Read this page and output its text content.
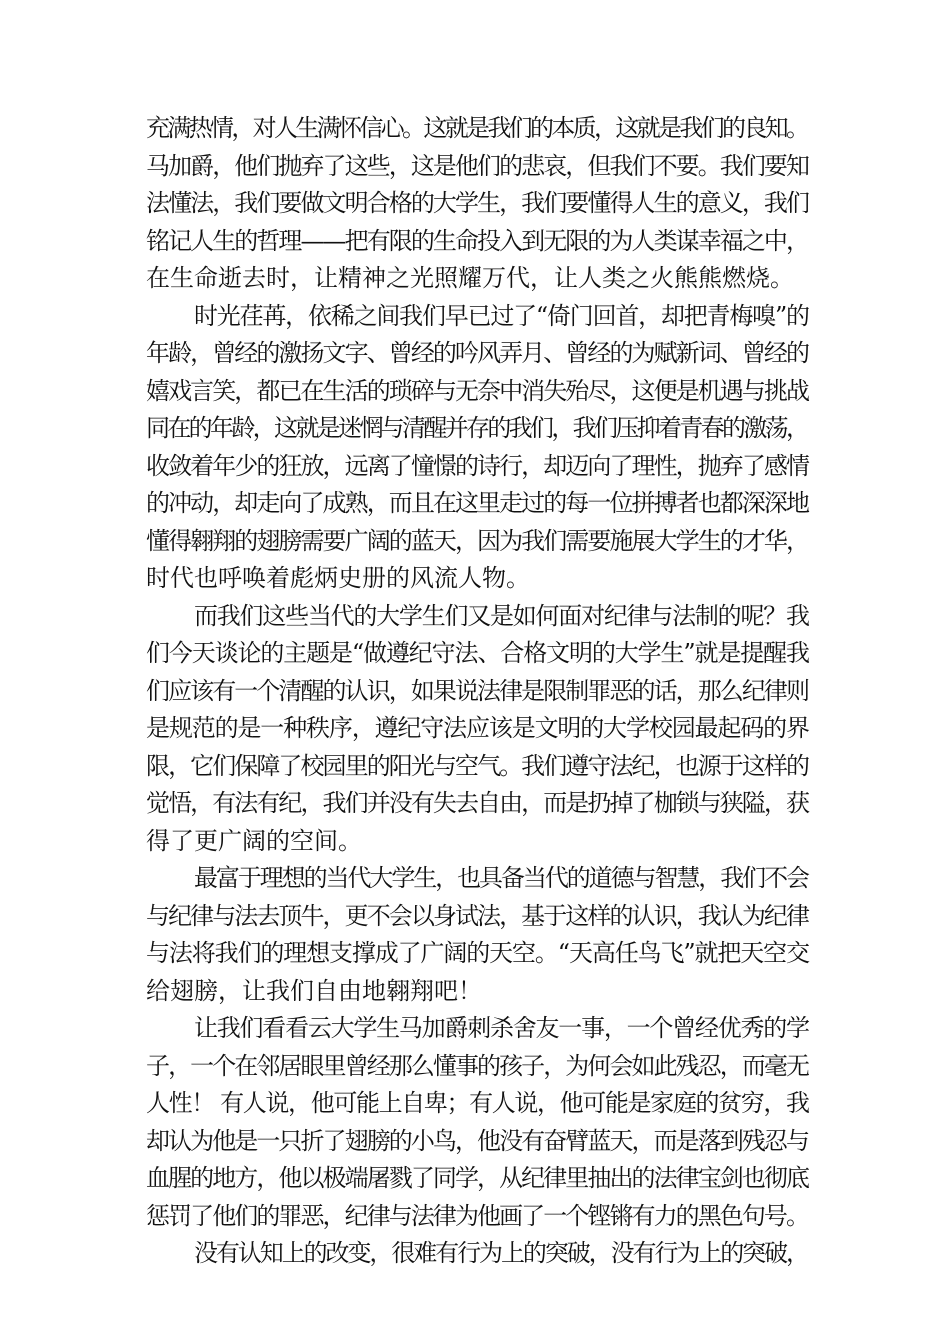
充满热情，对人生满怀信心。这就是我们的本质，这就是我们的良知。
马加爵，他们抛弃了这些，这是他们的悲哀，但我们不要。我们要知
法懂法，我们要做文明合格的大学生，我们要懂得人生的意义，我们
铭记人生的哲理——把有限的生命投入到无限的为人类谋幸福之中，
在生命逝去时，让精神之光照耀万代，让人类之火熊熊燃烧。
时光荏苒，依稀之间我们早已过了“倚门回首，却把青梅嗅”的
年龄，曾经的激扬文字、曾经的吟风弄月、曾经的为赋新词、曾经的
嬉戏言笑，都已在生活的琐碎与无奈中消失殆尽，这便是机遇与挑战
同在的年龄，这就是迷惘与清醒并存的我们，我们压抑着青春的激荡，
收敛着年少的狂放，远离了憧憬的诗行，却迈向了理性，抛弃了感情
的冲动，却走向了成熟，而且在这里走过的每一位拼搏者也都深深地
懂得翱翔的翅膀需要广阔的蓝天，因为我们需要施展大学生的才华，
时代也呼唤着彪炳史册的风流人物。
而我们这些当代的大学生们又是如何面对纪律与法制的呢？我
们今天谈论的主题是“做遵纪守法、合格文明的大学生”就是提醒我
们应该有一个清醒的认识，如果说法律是限制罪恶的话，那么纪律则
是规范的是一种秩序，遵纪守法应该是文明的大学校园最起码的界
限，它们保障了校园里的阳光与空气。我们遵守法纪，也源于这样的
觉悟，有法有纪，我们并没有失去自由，而是扔掉了枷锁与狭隘，获
得了更广阔的空间。
最富于理想的当代大学生，也具备当代的道德与智慧，我们不会
与纪律与法去顶牛，更不会以身试法，基于这样的认识，我认为纪律
与法将我们的理想支撑成了广阔的天空。“天高任鸟飞”就把天空交
给翅膀，让我们自由地翱翔吧！
让我们看看云大学生马加爵刺杀舍友一事，一个曾经优秀的学
子，一个在邻居眼里曾经那么懂事的孩子，为何会如此残忍，而毫无
人性！ 有人说，他可能上自卑；有人说，他可能是家庭的贫穷，我
却认为他是一只折了翅膀的小鸟，他没有奋臂蓝天，而是落到残忍与
血腥的地方，他以极端屠戮了同学，从纪律里抽出的法律宝剑也彻底
惩罚了他们的罪恶，纪律与法律为他画了一个铿锵有力的黑色句号。
没有认知上的改变，很难有行为上的突破，没有行为上的突破，
